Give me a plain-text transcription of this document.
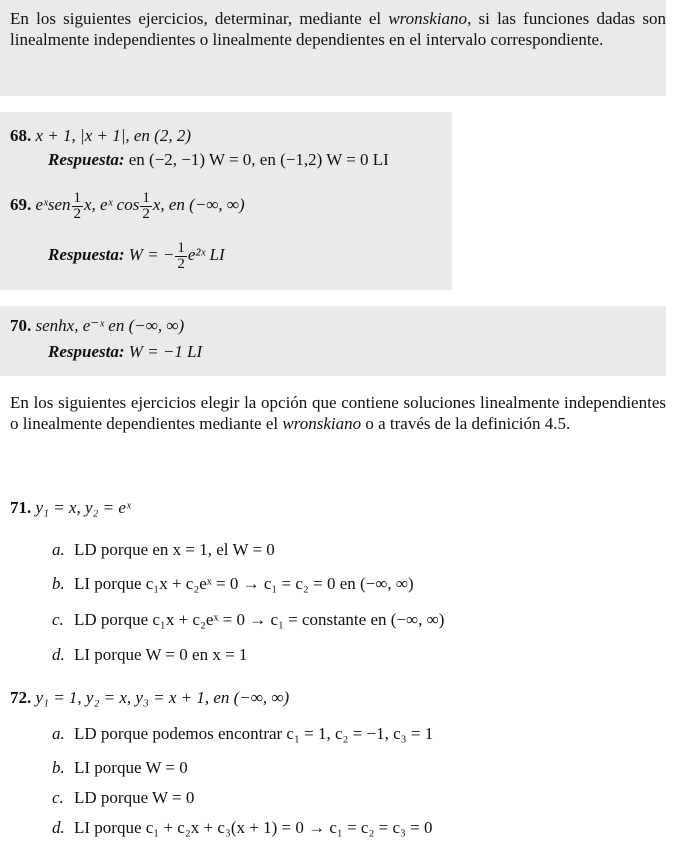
En los siguientes ejercicios, determinar, mediante el wronskiano, si las funciones dadas son linealmente independientes o linealmente dependientes en el intervalo correspondiente.
68. x + 1, |x + 1|, en (2, 2)
Respuesta: en (−2, −1) W = 0, en (−1,2) W = 0 LI
69. eˣsen $\frac{1}{2} x$, eˣ $\cos \frac{1}{2} x$, en (−∞, ∞)
Respuesta: W = − $\frac{1}{2}$ e²ˣ LI
70. senhx, e⁻ˣ en (−∞, ∞)
Respuesta: W = −1 LI
En los siguientes ejercicios elegir la opción que contiene soluciones linealmente independientes o linealmente dependientes mediante el wronskiano o a través de la definición 4.5.
71. y₁ = x, y₂ = eˣ
a. LD porque en x = 1, el W = 0
b. LI porque c₁x + c₂eˣ = 0 → c₁ = c₂ = 0 en (−∞, ∞)
c. LD porque c₁x + c₂eˣ = 0 → c₁ = constante en (−∞, ∞)
d. LI porque W = 0 en x = 1
72. y₁ = 1, y₂ = x, y₃ = x + 1, en (−∞, ∞)
a. LD porque podemos encontrar c₁ = 1, c₂ = −1, c₃ = 1
b. LI porque W = 0
c. LD porque W = 0
d. LI porque c₁ + c₂x + c₃(x + 1) = 0 → c₁ = c₂ = c₃ = 0
